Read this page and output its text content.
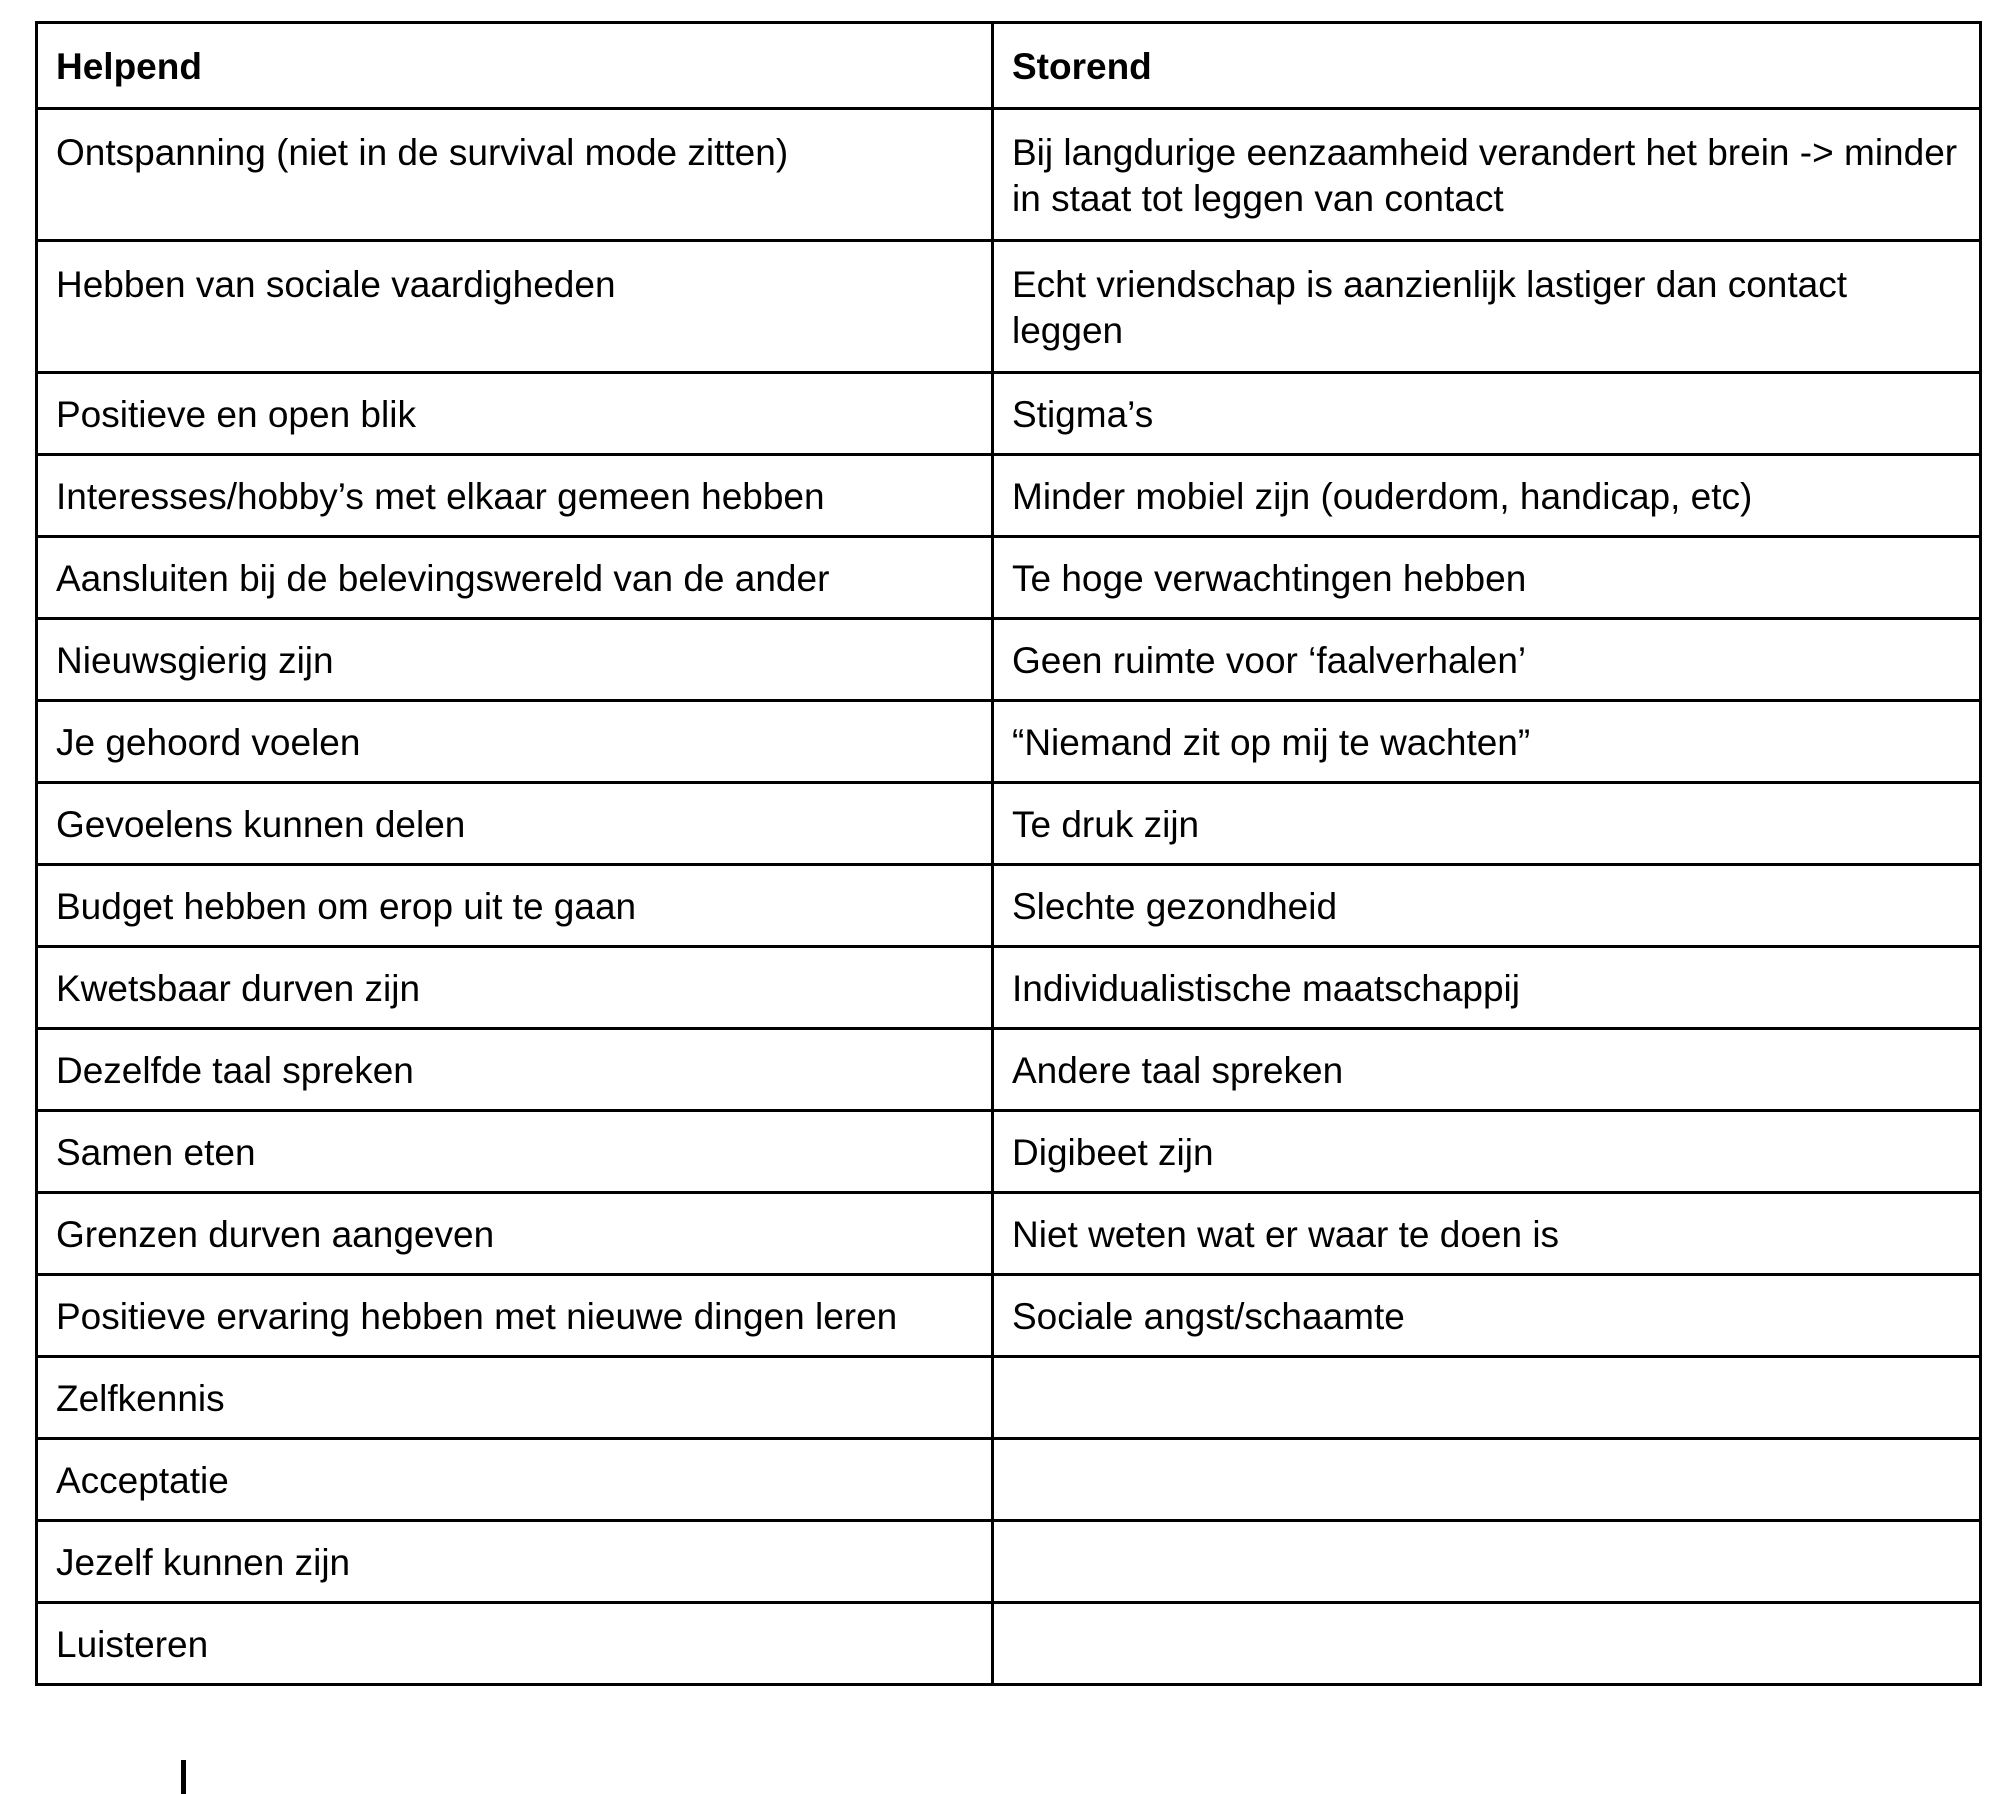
Helpend	Storend
Ontspanning (niet in de survival mode zitten)	Bij langdurige eenzaamheid verandert het brein -> minder in staat tot leggen van contact
Hebben van sociale vaardigheden	Echt vriendschap is aanzienlijk lastiger dan contact leggen
Positieve en open blik	Stigma’s
Interesses/hobby’s met elkaar gemeen hebben	Minder mobiel zijn (ouderdom, handicap, etc)
Aansluiten bij de belevingswereld van de ander	Te hoge verwachtingen hebben
Nieuwsgierig zijn	Geen ruimte voor ‘faalverhalen’
Je gehoord voelen	“Niemand zit op mij te wachten”
Gevoelens kunnen delen	Te druk zijn
Budget hebben om erop uit te gaan	Slechte gezondheid
Kwetsbaar durven zijn	Individualistische maatschappij
Dezelfde taal spreken	Andere taal spreken
Samen eten	Digibeet zijn
Grenzen durven aangeven	Niet weten wat er waar te doen is
Positieve ervaring hebben met nieuwe dingen leren	Sociale angst/schaamte
Zelfkennis	
Acceptatie	
Jezelf kunnen zijn	
Luisteren	
